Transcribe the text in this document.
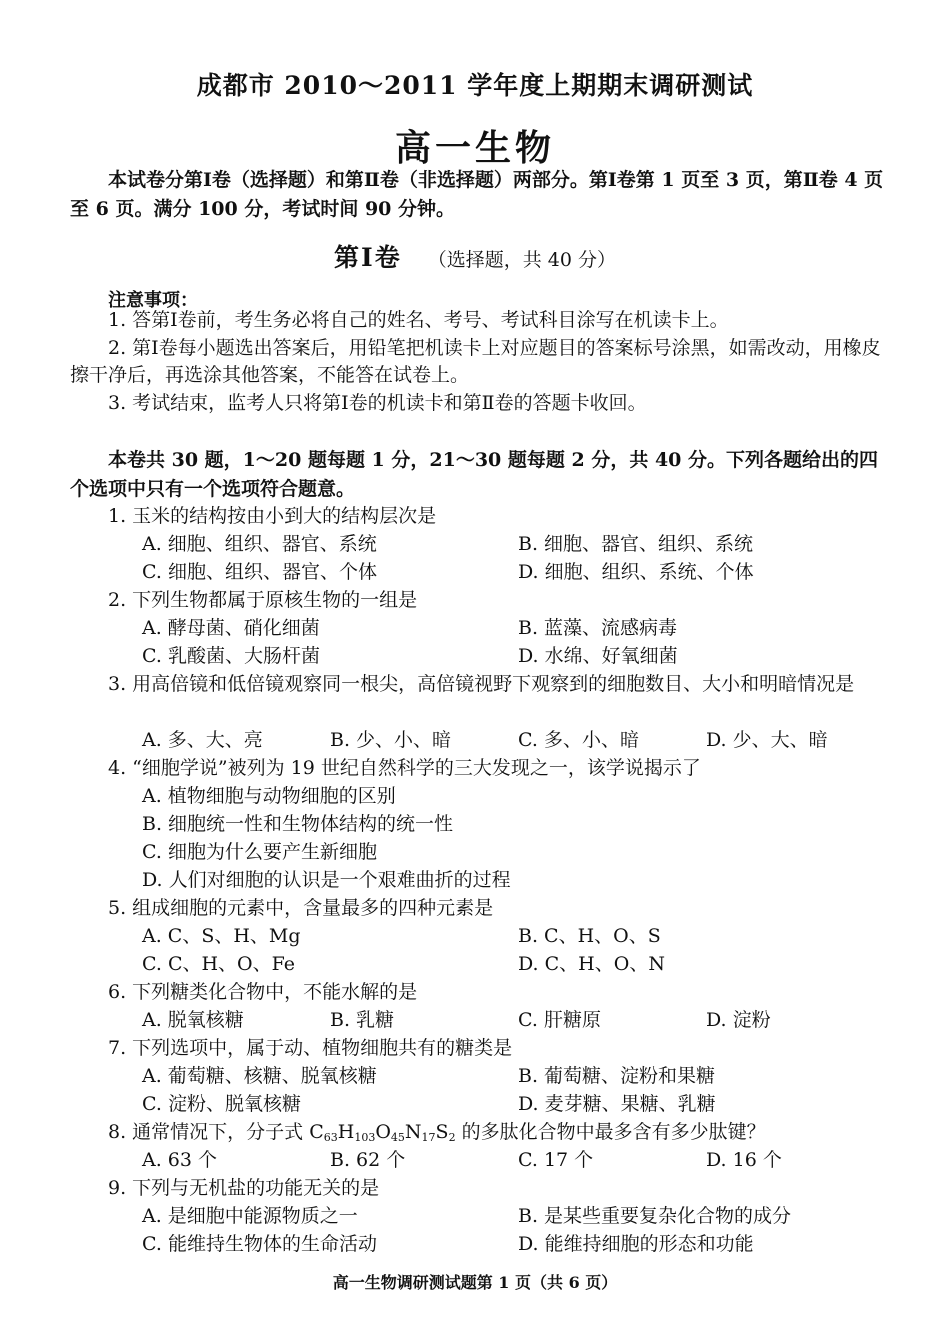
成都市 2010～2011 学年度上期期末调研测试
高一生物

本试卷分第Ⅰ卷（选择题）和第Ⅱ卷（非选择题）两部分。第Ⅰ卷第 1 页至 3 页，第Ⅱ卷 4 页至 6 页。满分 100 分，考试时间 90 分钟。

第Ⅰ卷 （选择题，共 40 分）
注意事项：

1. 答第Ⅰ卷前，考生务必将自己的姓名、考号、考试科目涂写在机读卡上。

2. 第Ⅰ卷每小题选出答案后，用铅笔把机读卡上对应题目的答案标号涂黑，如需改动，用橡皮擦干净后，再选涂其他答案，不能答在试卷上。

3. 考试结束，监考人只将第Ⅰ卷的机读卡和第Ⅱ卷的答题卡收回。

本卷共 30 题，1～20 题每题 1 分，21～30 题每题 2 分，共 40 分。下列各题给出的四个选项中只有一个选项符合题意。

1. 玉米的结构按由小到大的结构层次是

A. 细胞、组织、器官、系统	B. 细胞、器官、组织、系统
C. 细胞、组织、器官、个体	D. 细胞、组织、系统、个体

2. 下列生物都属于原核生物的一组是

A. 酵母菌、硝化细菌	B. 蓝藻、流感病毒
C. 乳酸菌、大肠杆菌	D. 水绵、好氧细菌

3. 用高倍镜和低倍镜观察同一根尖，高倍镜视野下观察到的细胞数目、大小和明暗情况是

A. 多、大、亮	B. 少、小、暗	C. 多、小、暗	D. 少、大、暗

4. “细胞学说”被列为 19 世纪自然科学的三大发现之一，该学说揭示了

A. 植物细胞与动物细胞的区别
B. 细胞统一性和生物体结构的统一性
C. 细胞为什么要产生新细胞
D. 人们对细胞的认识是一个艰难曲折的过程

5. 组成细胞的元素中，含量最多的四种元素是

A. C、S、H、Mg	B. C、H、O、S
C. C、H、O、Fe	D. C、H、O、N

6. 下列糖类化合物中，不能水解的是

A. 脱氧核糖	B. 乳糖	C. 肝糖原	D. 淀粉

7. 下列选项中，属于动、植物细胞共有的糖类是

A. 葡萄糖、核糖、脱氧核糖	B. 葡萄糖、淀粉和果糖
C. 淀粉、脱氧核糖	D. 麦芽糖、果糖、乳糖

8. 通常情况下，分子式 $C_{63}H_{103}O_{45}N_{17}S_2$ 的多肽化合物中最多含有多少肽键？

A. 63 个	B. 62 个	C. 17 个	D. 16 个

9. 下列与无机盐的功能无关的是

A. 是细胞中能源物质之一	B. 是某些重要复杂化合物的成分
C. 能维持生物体的生命活动	D. 能维持细胞的形态和功能
高一生物调研测试题第 1 页（共 6 页）
